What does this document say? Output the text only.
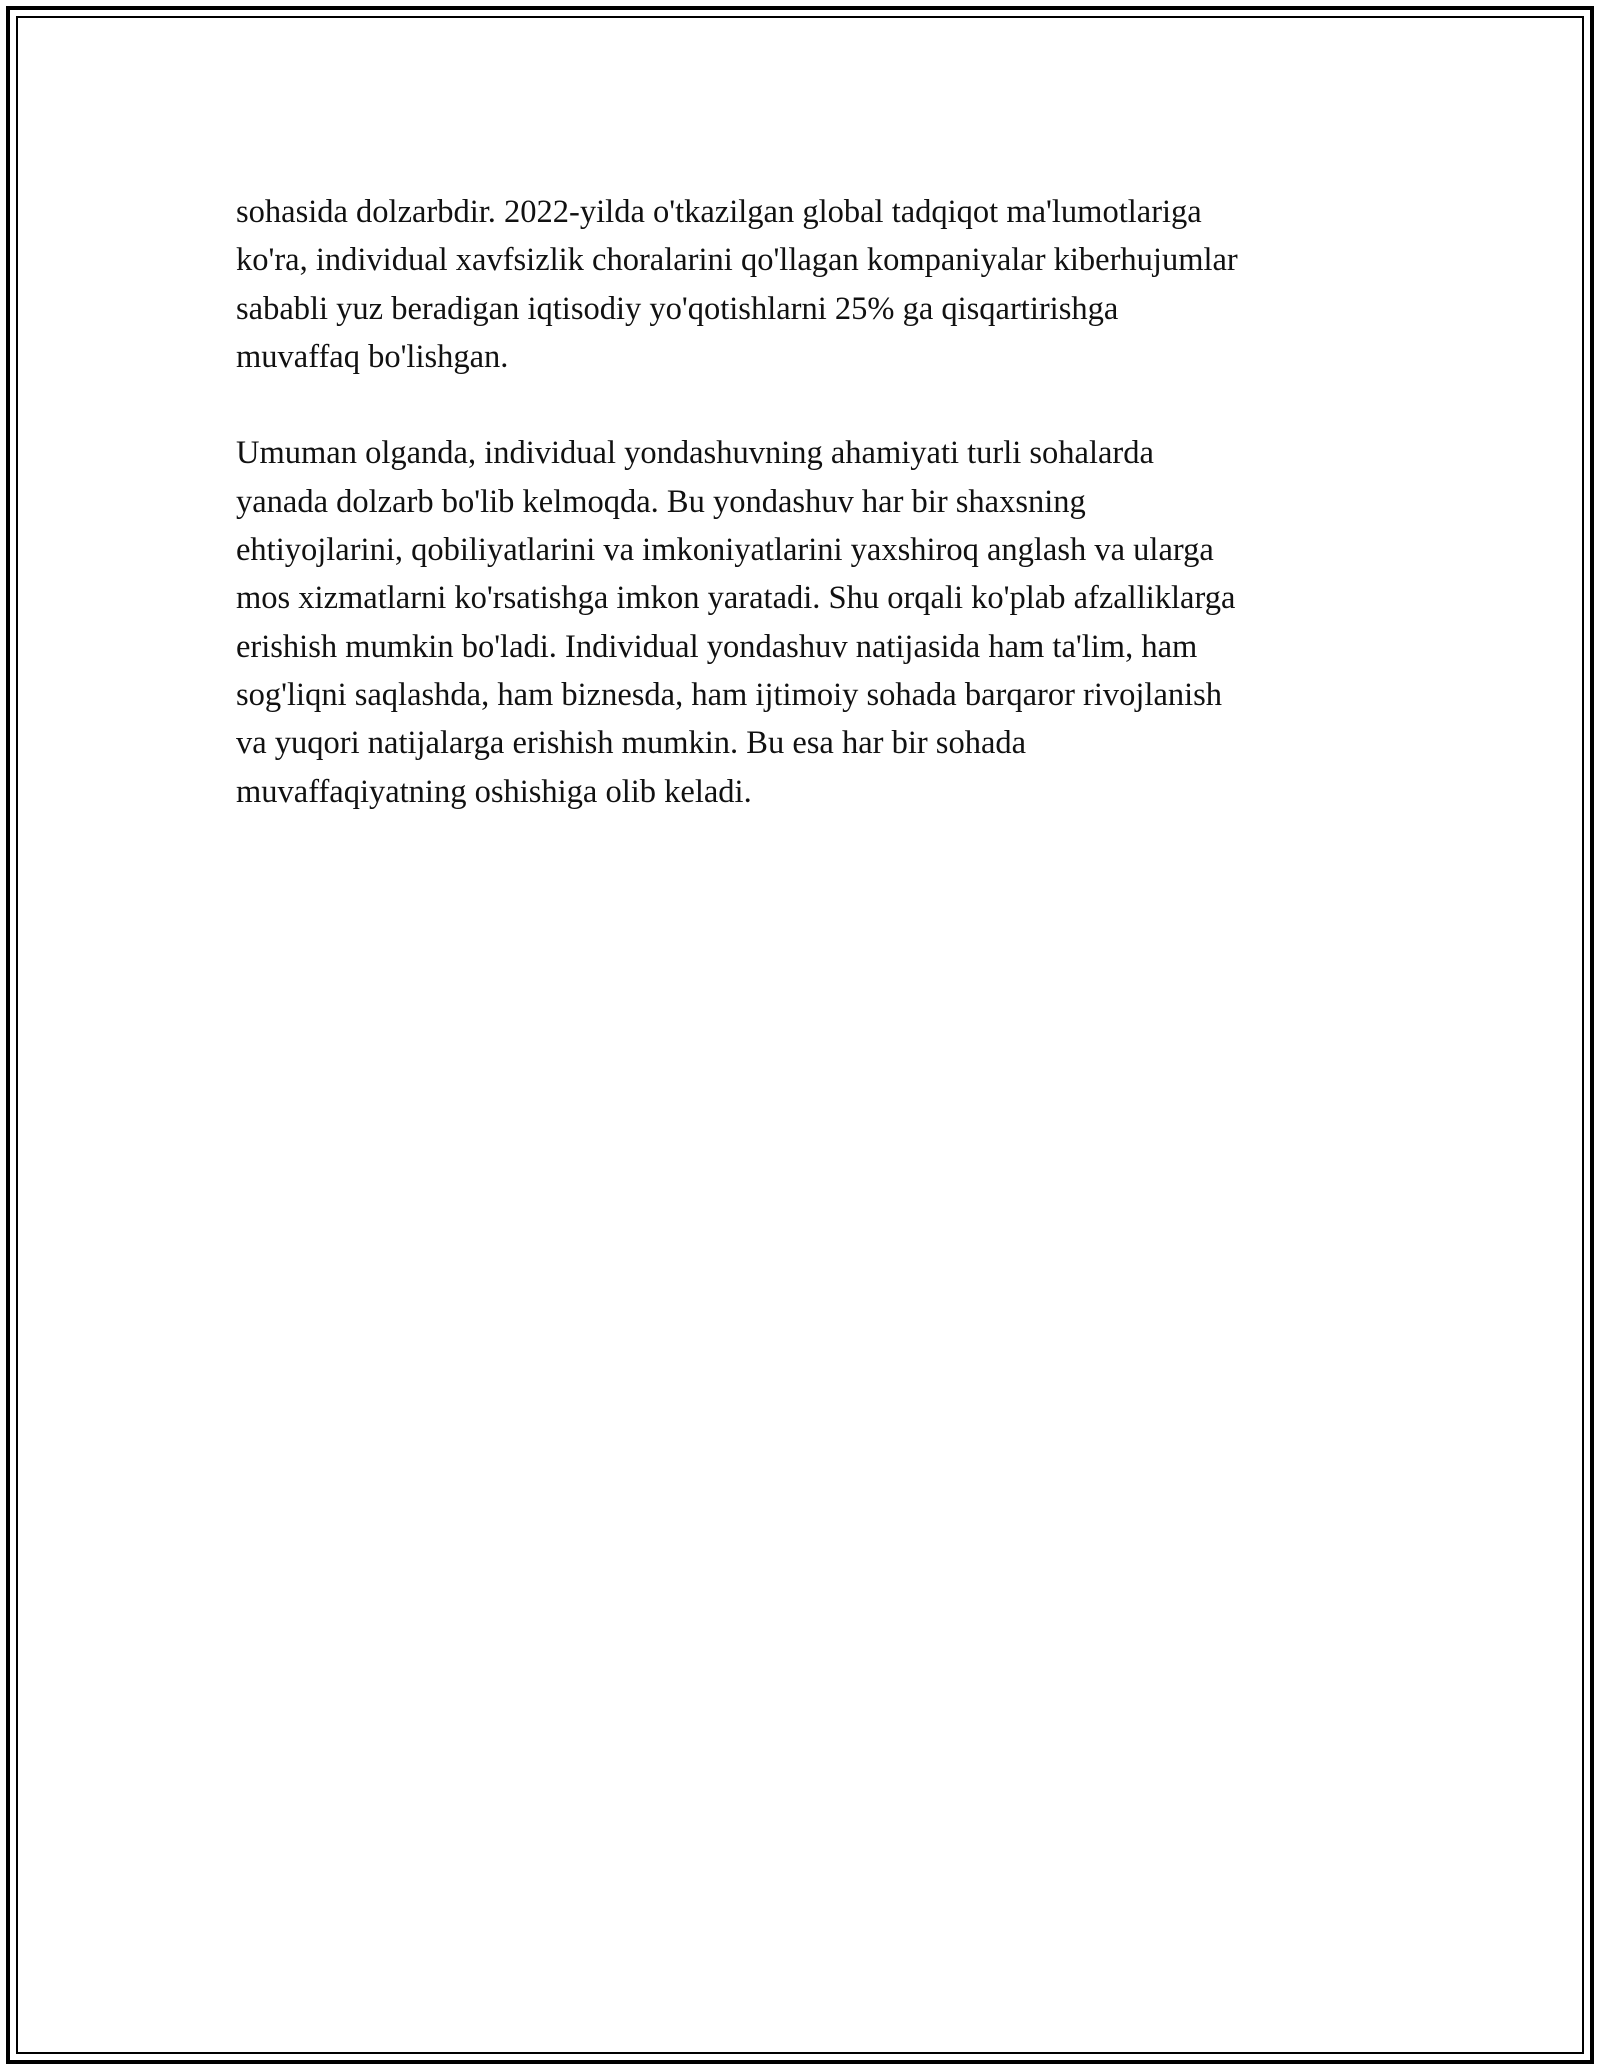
sohasida dolzarbdir. 2022-yilda o'tkazilgan global tadqiqot ma'lumotlariga
ko'ra, individual xavfsizlik choralarini qo'llagan kompaniyalar kiberhujumlar
sababli yuz beradigan iqtisodiy yo'qotishlarni 25% ga qisqartirishga
muvaffaq bo'lishgan.

Umuman olganda, individual yondashuvning ahamiyati turli sohalarda
yanada dolzarb bo'lib kelmoqda. Bu yondashuv har bir shaxsning
ehtiyojlarini, qobiliyatlarini va imkoniyatlarini yaxshiroq anglash va ularga
mos xizmatlarni ko'rsatishga imkon yaratadi. Shu orqali ko'plab afzalliklarga
erishish mumkin bo'ladi. Individual yondashuv natijasida ham ta'lim, ham
sog'liqni saqlashda, ham biznesda, ham ijtimoiy sohada barqaror rivojlanish
va yuqori natijalarga erishish mumkin. Bu esa har bir sohada
muvaffaqiyatning oshishiga olib keladi.
